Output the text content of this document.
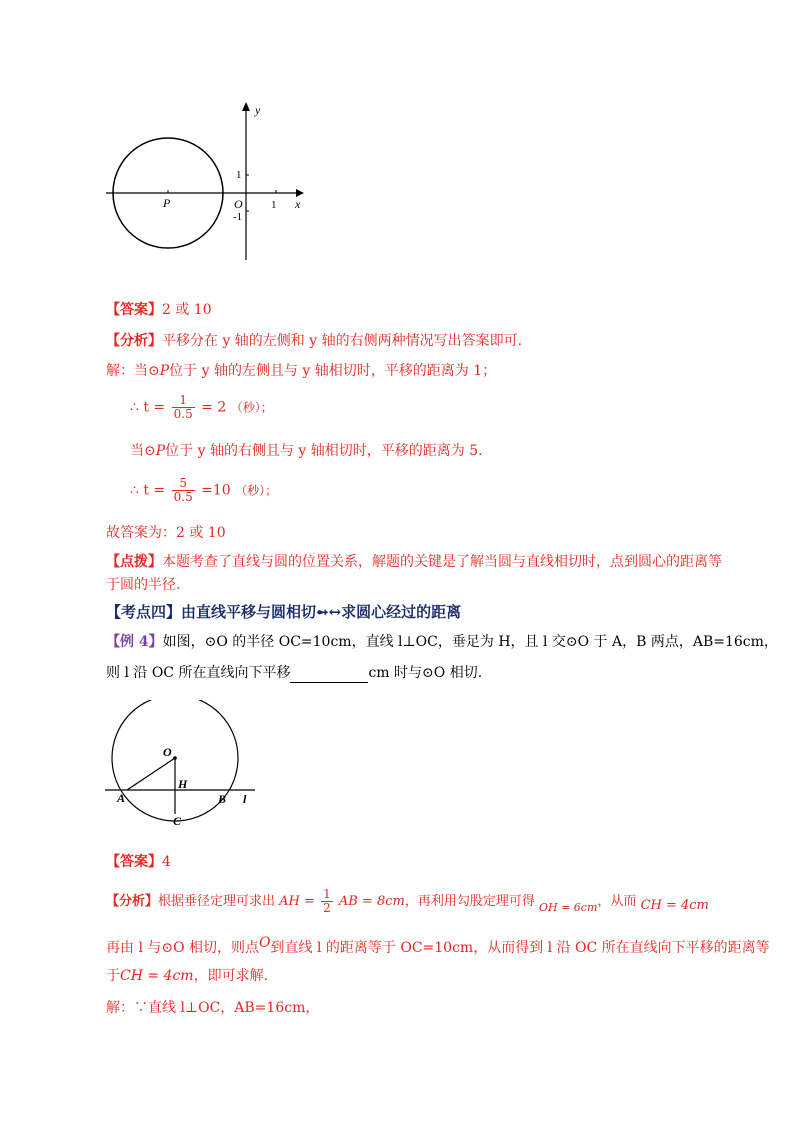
y
1
O	1 x
P
-1
【答案】2 或 10
【分析】平移分在 y 轴的左侧和 y 轴的右侧两种情况写出答案即可.
解：当⊙P位于 y 轴的左侧且与 y 轴相切时，平移的距离为 1；
∴ $t = \frac{1}{0.5} = 2$ （秒）；
当⊙P位于 y 轴的右侧且与 y 轴相切时，平移的距离为 5.
∴ $t = \frac{5}{0.5} =10$ （秒）；
故答案为：2 或 10
【点拨】本题考查了直线与圆的位置关系，解题的关键是了解当圆与直线相切时，点到圆心的距离等
于圆的半径.
【考点四】由直线平移与圆相切➻↔求圆心经过的距离
【例 4】如图，⊙O 的半径 OC=10cm，直线 l⊥OC，垂足为 H，且 l 交⊙O 于 A，B 两点，AB=16cm，
则 l 沿 OC 所在直线向下平移	cm 时与⊙O 相切.
O
H
A	B l
C
【答案】4
【分析】根据垂径定理可求出 AH = $\frac{1}{2}$ AB = 8cm，再利用勾股定理可得 $_{OH = 6cm}$，从而 CH = 4cm
再由 l 与⊙O 相切，则点O到直线 l 的距离等于 OC=10cm，从而得到 l 沿 OC 所在直线向下平移的距离等
于CH = 4cm，即可求解.
解：∵直线 l⊥OC，AB=16cm，
